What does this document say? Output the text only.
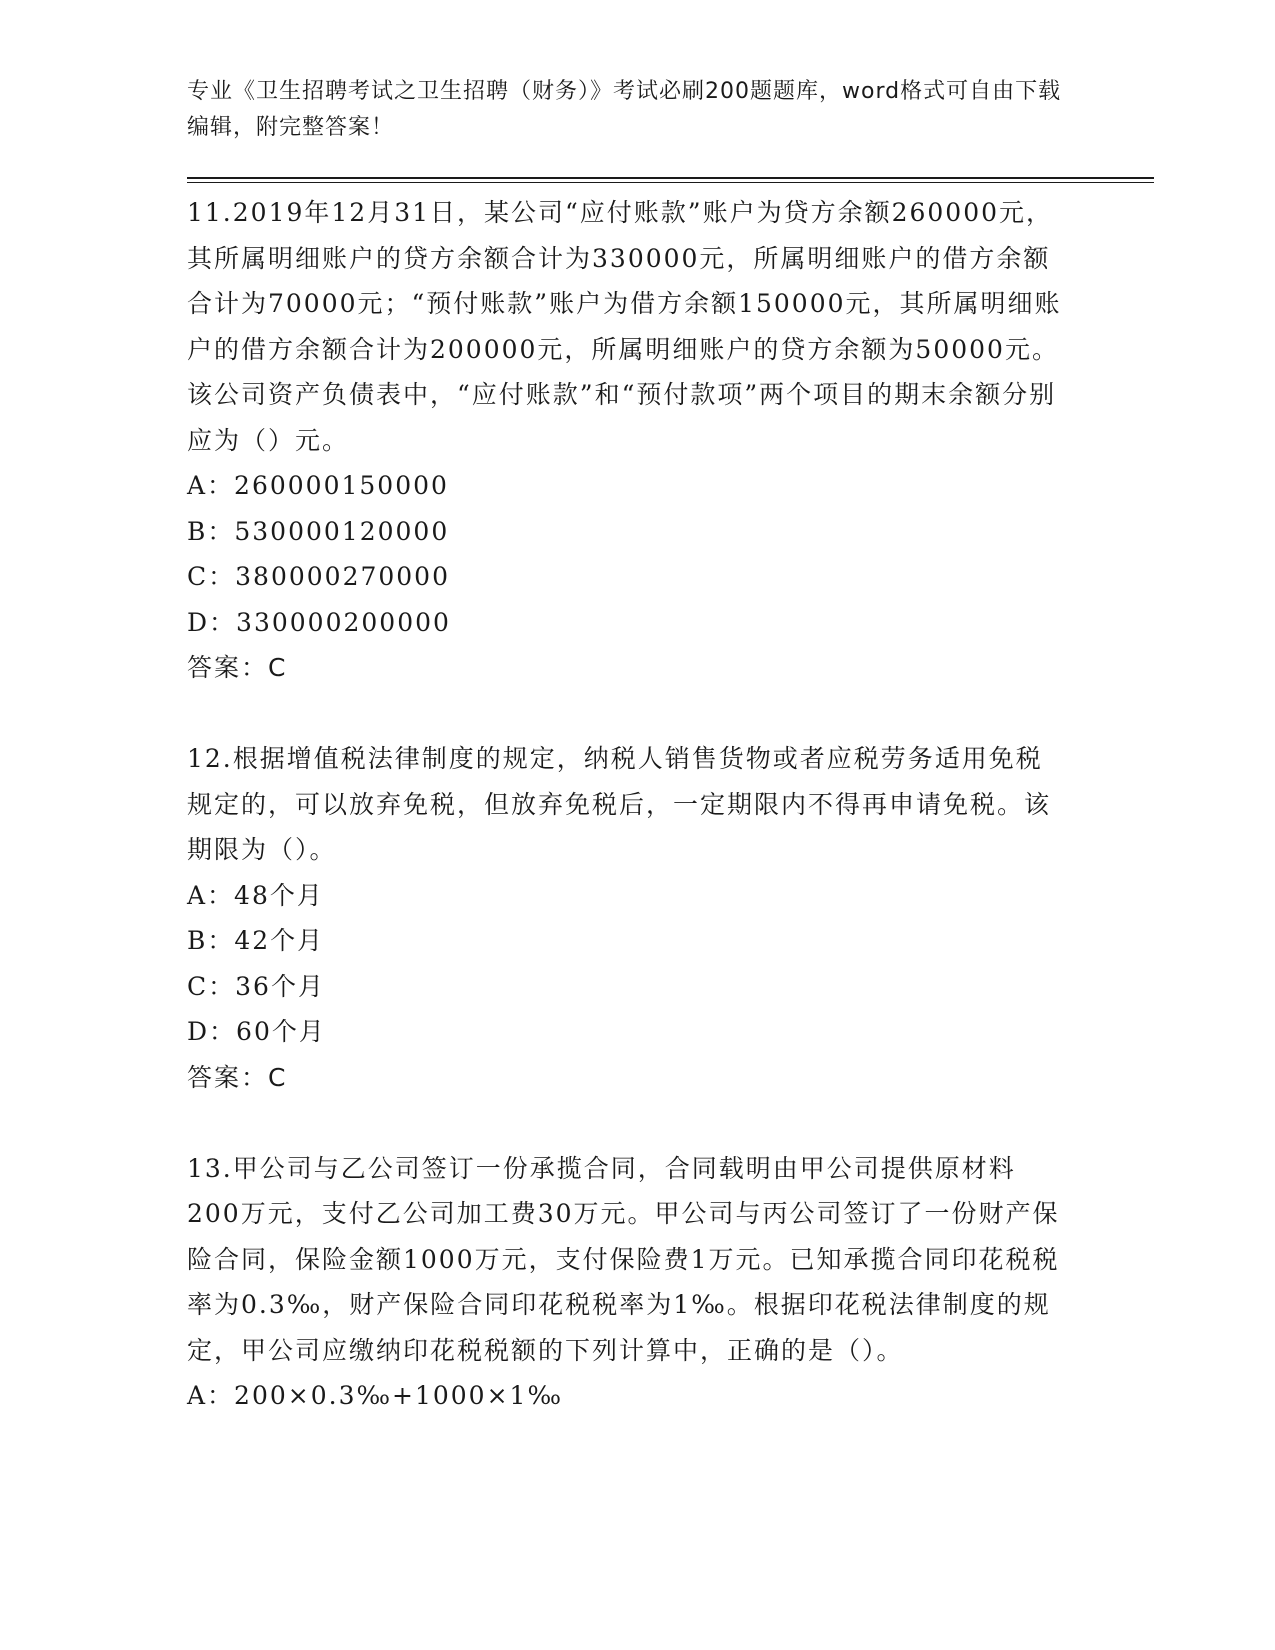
专业《卫生招聘考试之卫生招聘（财务）》考试必刷200题题库，word格式可自由下载编辑，附完整答案！

11.2019年12月31日，某公司“应付账款”账户为贷方余额260000元，其所属明细账户的贷方余额合计为330000元，所属明细账户的借方余额合计为70000元；“预付账款”账户为借方余额150000元，其所属明细账户的借方余额合计为200000元，所属明细账户的贷方余额为50000元。该公司资产负债表中，“应付账款”和“预付款项”两个项目的期末余额分别应为（）元。

A：260000150000

B：530000120000

C：380000270000

D：330000200000

答案：C

12.根据增值税法律制度的规定，纳税人销售货物或者应税劳务适用免税规定的，可以放弃免税，但放弃免税后，一定期限内不得再申请免税。该期限为（）。

A：48个月

B：42个月

C：36个月

D：60个月

答案：C

13.甲公司与乙公司签订一份承揽合同，合同载明由甲公司提供原材料200万元，支付乙公司加工费30万元。甲公司与丙公司签订了一份财产保险合同，保险金额1000万元，支付保险费1万元。已知承揽合同印花税税率为0.3‰，财产保险合同印花税税率为1‰。根据印花税法律制度的规定，甲公司应缴纳印花税税额的下列计算中，正确的是（）。

A：200×0.3‰+1000×1‰
